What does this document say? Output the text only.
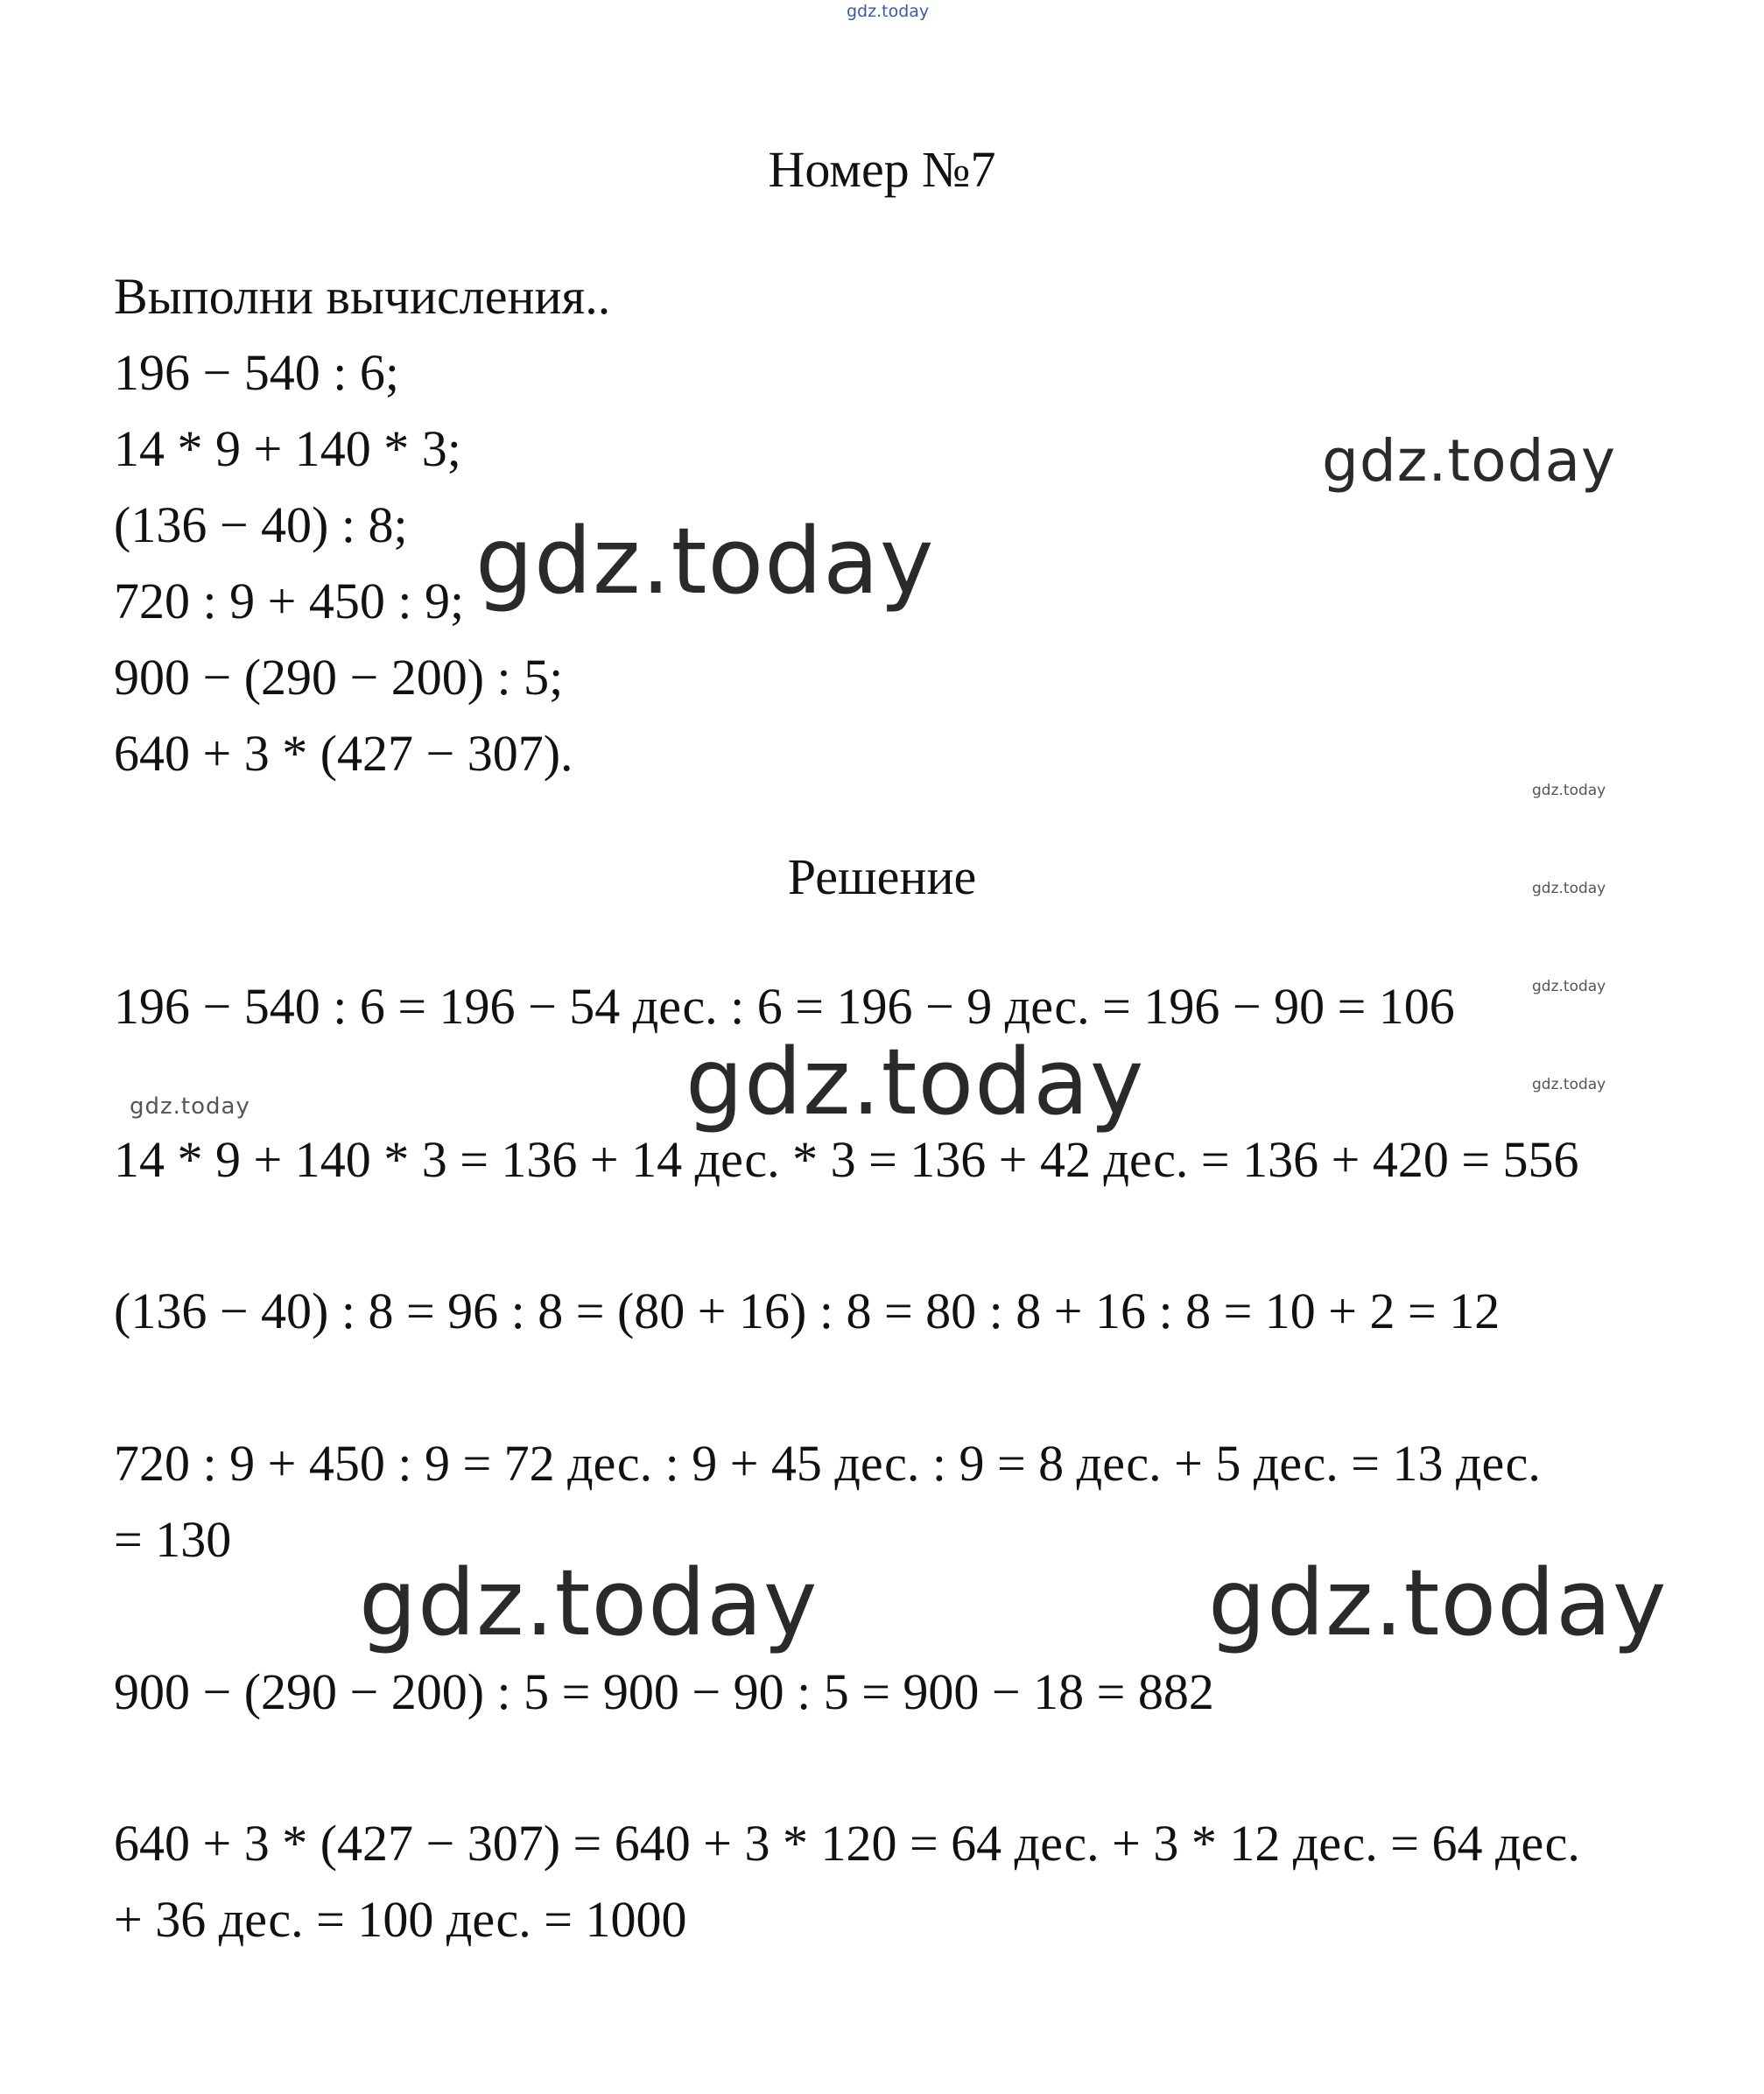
gdz.today
gdz.today
gdz.today
gdz.today
gdz.today
gdz.today
gdz.today
gdz.today
gdz.today
gdz.today	gdz.today
Номер №7
Выполни вычисления..
196 − 540 : 6;
14 * 9 + 140 * 3;
(136 − 40) : 8;
720 : 9 + 450 : 9;
900 − (290 − 200) : 5;
640 + 3 * (427 − 307).
Решение
196 − 540 : 6 = 196 − 54 дес. : 6 = 196 − 9 дес. = 196 − 90 = 106
14 * 9 + 140 * 3 = 136 + 14 дес. * 3 = 136 + 42 дес. = 136 + 420 = 556
(136 − 40) : 8 = 96 : 8 = (80 + 16) : 8 = 80 : 8 + 16 : 8 = 10 + 2 = 12
720 : 9 + 450 : 9 = 72 дес. : 9 + 45 дес. : 9 = 8 дес. + 5 дес. = 13 дес.
= 130
900 − (290 − 200) : 5 = 900 − 90 : 5 = 900 − 18 = 882
640 + 3 * (427 − 307) = 640 + 3 * 120 = 64 дес. + 3 * 12 дес. = 64 дес.
+ 36 дес. = 100 дес. = 1000
